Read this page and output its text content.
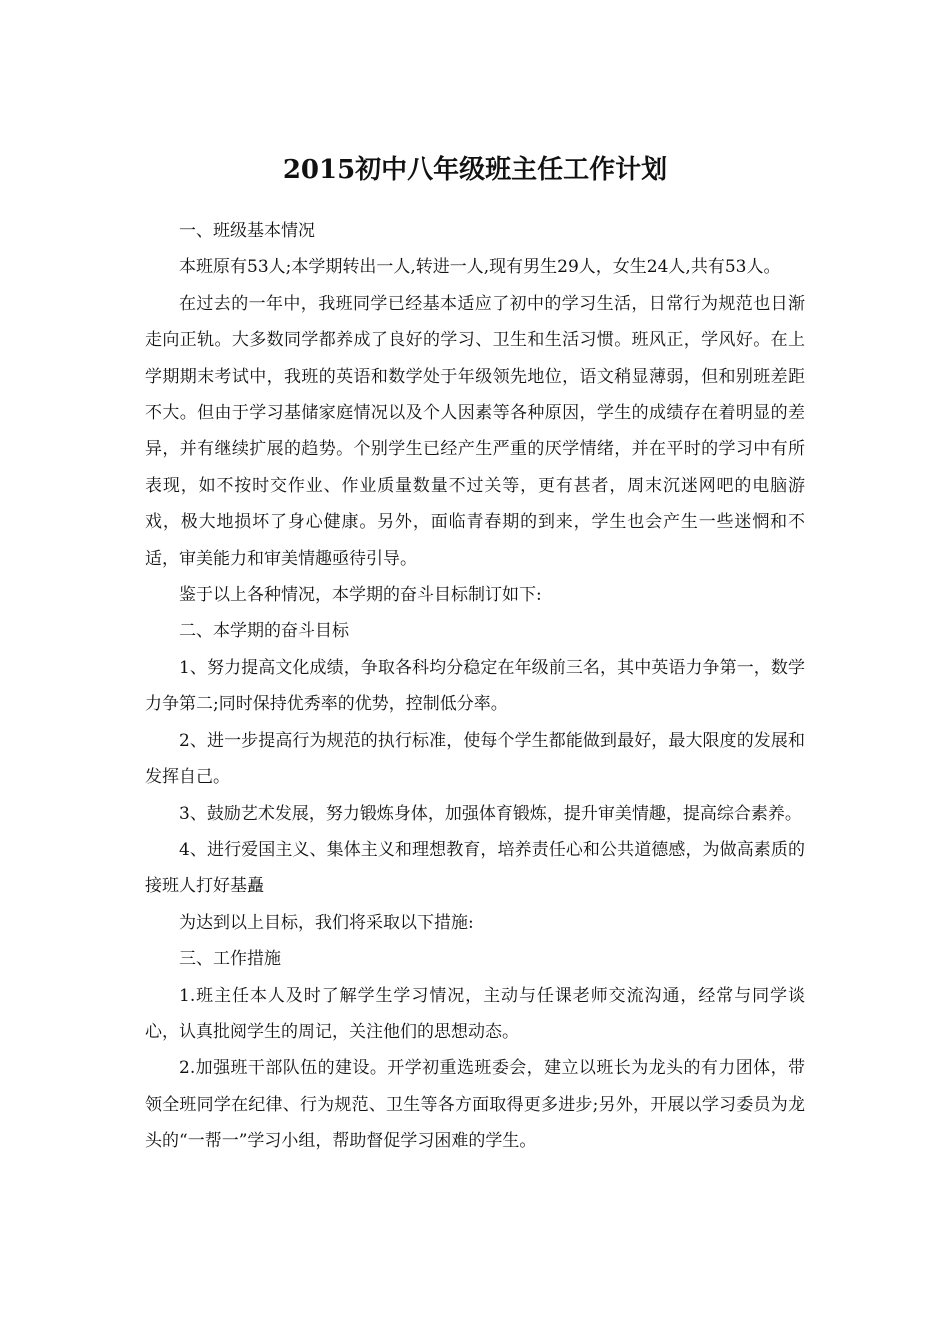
2015初中八年级班主任工作计划

一、班级基本情况

本班原有53人;本学期转出一人,转进一人,现有男生29人，女生24人,共有53人。

在过去的一年中，我班同学已经基本适应了初中的学习生活，日常行为规范也日渐走向正轨。大多数同学都养成了良好的学习、卫生和生活习惯。班风正，学风好。在上学期期末考试中，我班的英语和数学处于年级领先地位，语文稍显薄弱，但和别班差距不大。但由于学习基储家庭情况以及个人因素等各种原因，学生的成绩存在着明显的差异，并有继续扩展的趋势。个别学生已经产生严重的厌学情绪，并在平时的学习中有所表现，如不按时交作业、作业质量数量不过关等，更有甚者，周末沉迷网吧的电脑游戏，极大地损坏了身心健康。另外，面临青春期的到来，学生也会产生一些迷惘和不适，审美能力和审美情趣亟待引导。

鉴于以上各种情况，本学期的奋斗目标制订如下:

二、本学期的奋斗目标

1、努力提高文化成绩，争取各科均分稳定在年级前三名，其中英语力争第一，数学力争第二;同时保持优秀率的优势，控制低分率。

2、进一步提高行为规范的执行标准，使每个学生都能做到最好，最大限度的发展和发挥自己。

3、鼓励艺术发展，努力锻炼身体，加强体育锻炼，提升审美情趣，提高综合素养。

4、进行爱国主义、集体主义和理想教育，培养责任心和公共道德感，为做高素质的接班人打好基矗

为达到以上目标，我们将采取以下措施:

三、工作措施

1.班主任本人及时了解学生学习情况，主动与任课老师交流沟通，经常与同学谈心，认真批阅学生的周记，关注他们的思想动态。

2.加强班干部队伍的建设。开学初重选班委会，建立以班长为龙头的有力团体，带领全班同学在纪律、行为规范、卫生等各方面取得更多进步;另外，开展以学习委员为龙头的“一帮一”学习小组，帮助督促学习困难的学生。
